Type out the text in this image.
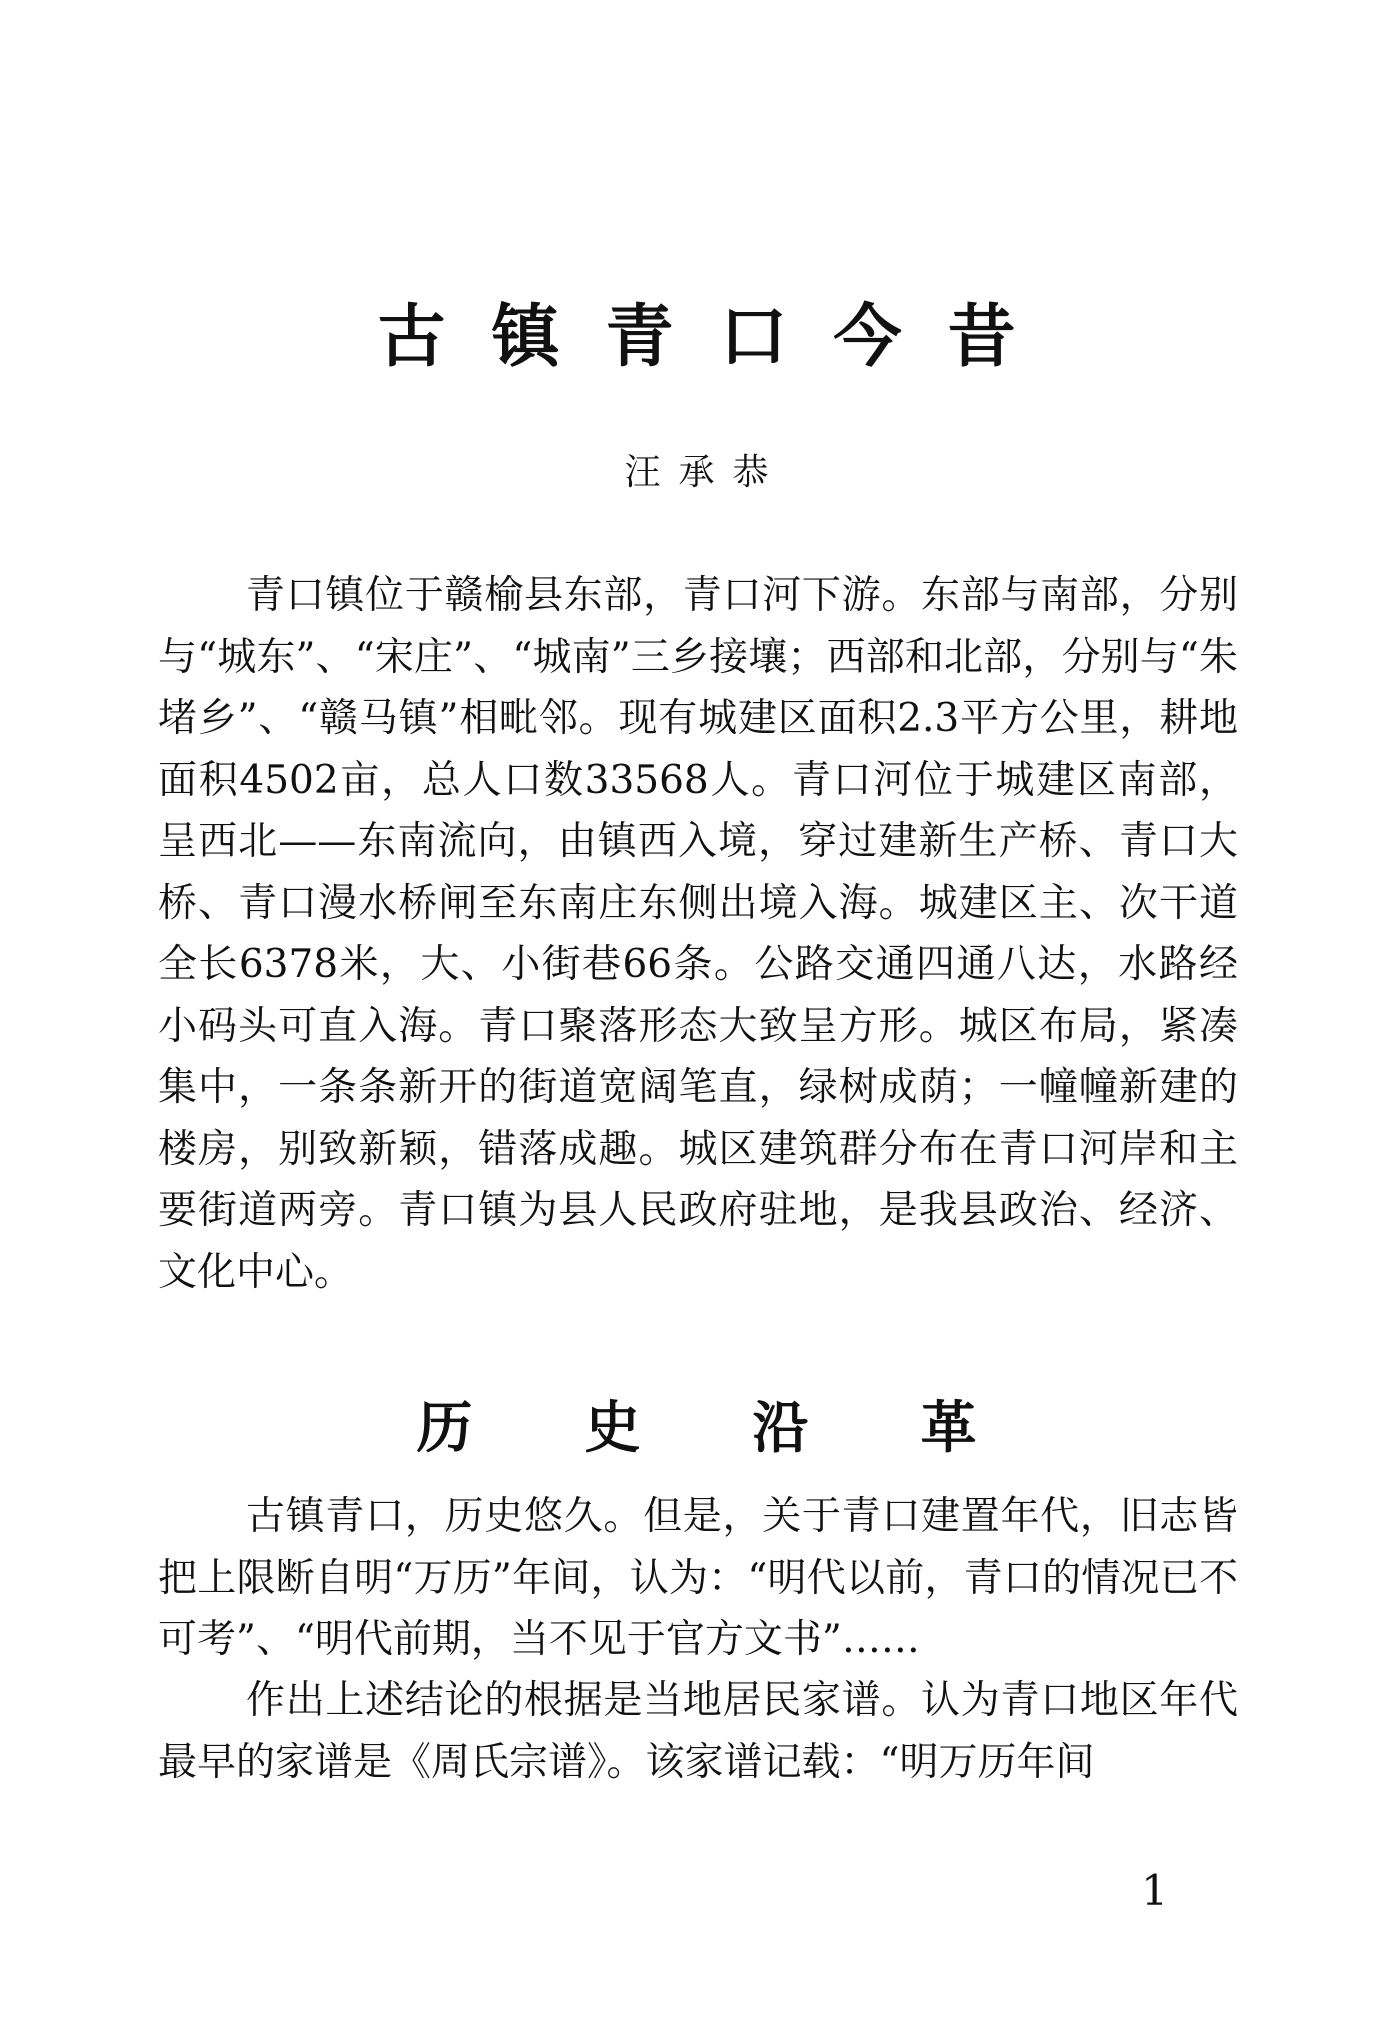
古镇青口今昔
汪承恭

青口镇位于赣榆县东部，青口河下游。东部与南部，分别与“城东”、“宋庄”、“城南”三乡接壤；西部和北部，分别与“朱堵乡”、“赣马镇”相毗邻。现有城建区面积2.3平方公里，耕地面积4502亩，总人口数33568人。青口河位于城建区南部，呈西北——东南流向，由镇西入境，穿过建新生产桥、青口大桥、青口漫水桥闸至东南庄东侧出境入海。城建区主、次干道全长6378米，大、小街巷66条。公路交通四通八达，水路经小码头可直入海。青口聚落形态大致呈方形。城区布局，紧凑集中，一条条新开的街道宽阔笔直，绿树成荫；一幢幢新建的楼房，别致新颖，错落成趣。城区建筑群分布在青口河岸和主要街道两旁。青口镇为县人民政府驻地，是我县政治、经济、文化中心。

历史沿革

古镇青口，历史悠久。但是，关于青口建置年代，旧志皆把上限断自明“万历”年间，认为：“明代以前，青口的情况已不可考”、“明代前期，当不见于官方文书”……

作出上述结论的根据是当地居民家谱。认为青口地区年代最早的家谱是《周氏宗谱》。该家谱记载：“明万历年间

1
